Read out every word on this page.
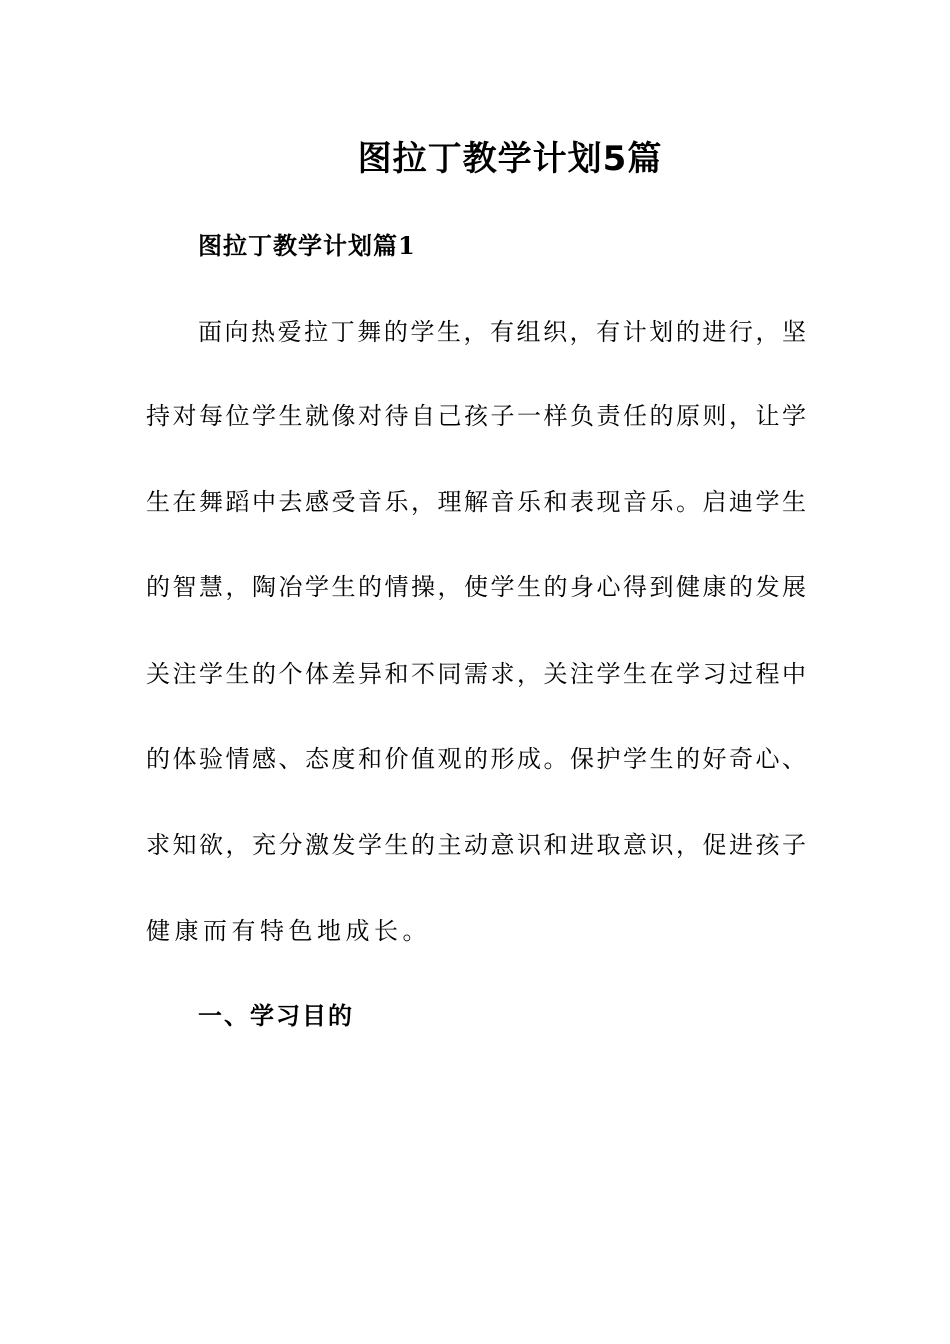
图拉丁教学计划5篇
图拉丁教学计划篇1
面向热爱拉丁舞的学生，有组织，有计划的进行，坚
持对每位学生就像对待自己孩子一样负责任的原则，让学
生在舞蹈中去感受音乐，理解音乐和表现音乐。启迪学生
的智慧，陶冶学生的情操，使学生的身心得到健康的发展
关注学生的个体差异和不同需求，关注学生在学习过程中
的体验情感、态度和价值观的形成。保护学生的好奇心、
求知欲，充分激发学生的主动意识和进取意识，促进孩子
健康而有特色地成长。
一、学习目的
